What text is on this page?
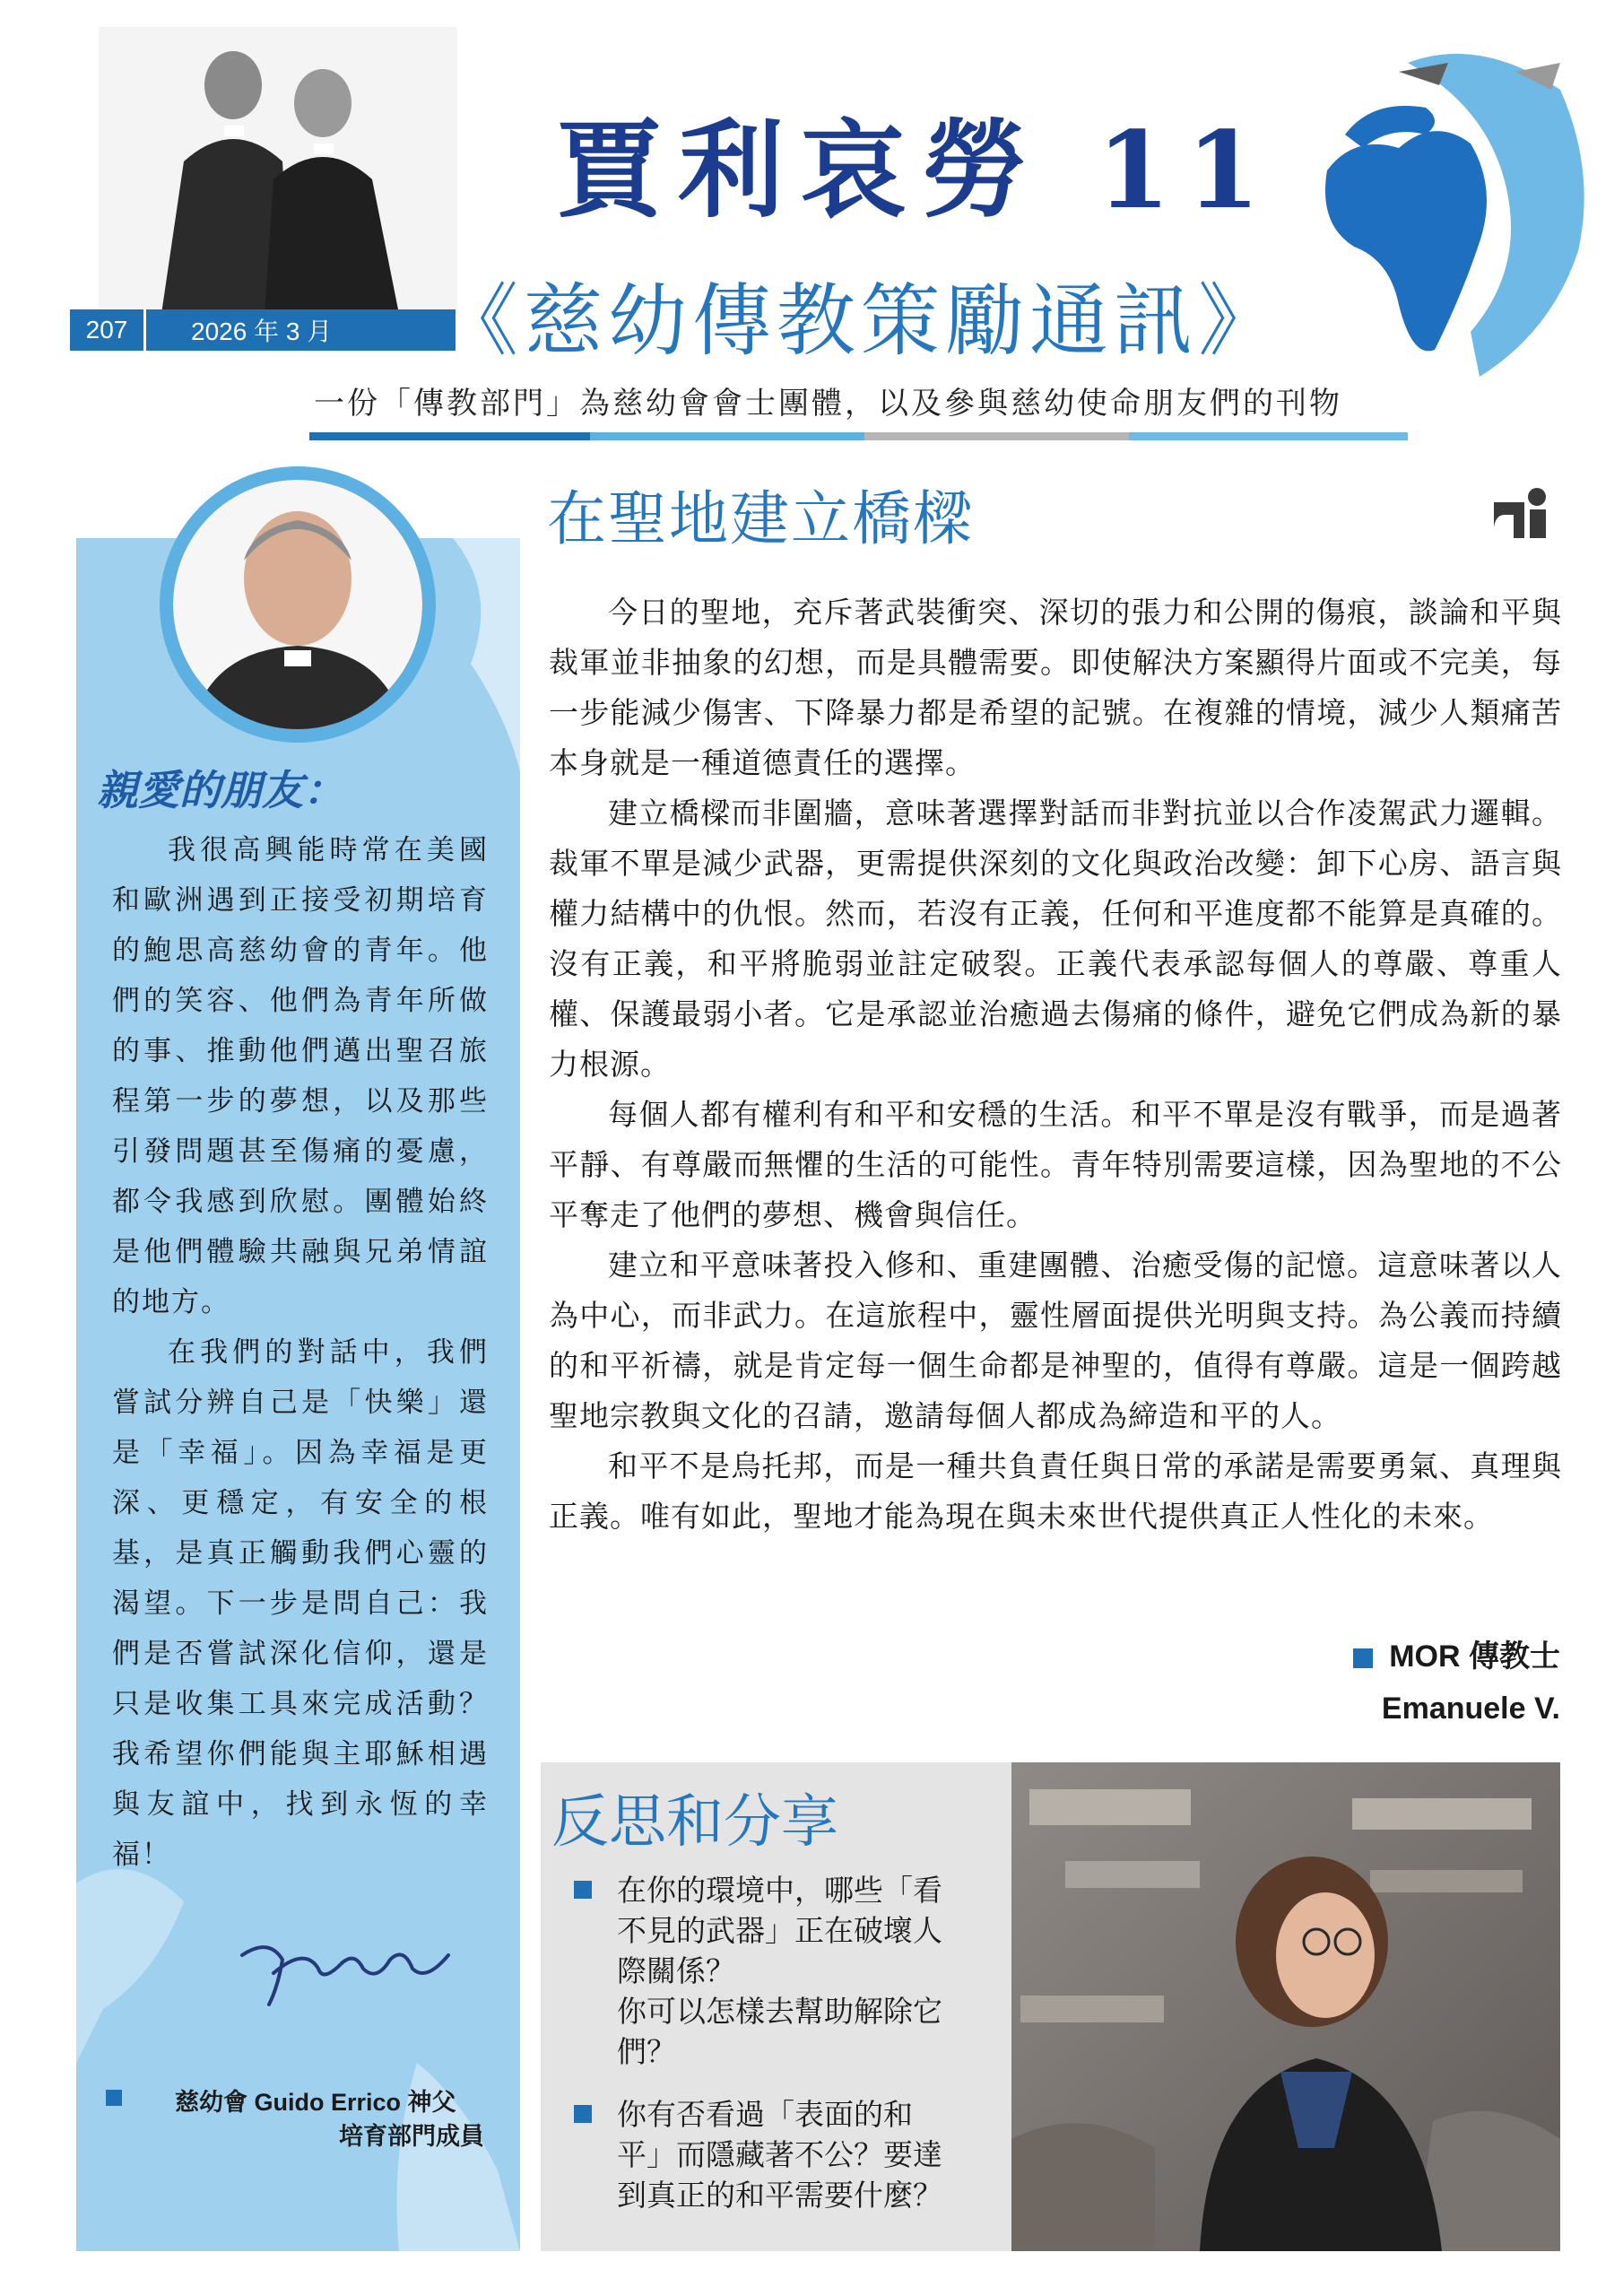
207	2026 年 3 月
賈利哀勞 11
《慈幼傳教策勵通訊》
一份「傳教部門」為慈幼會會士團體，以及參與慈幼使命朋友們的刊物
親愛的朋友：

我很高興能時常在美國和歐洲遇到正接受初期培育的鮑思高慈幼會的青年。他們的笑容、他們為青年所做的事、推動他們邁出聖召旅程第一步的夢想，以及那些引發問題甚至傷痛的憂慮，都令我感到欣慰。團體始終是他們體驗共融與兄弟情誼的地方。

在我們的對話中，我們嘗試分辨自己是「快樂」還是「幸福」。因為幸福是更深、更穩定，有安全的根基，是真正觸動我們心靈的渴望。下一步是問自己：我們是否嘗試深化信仰，還是只是收集工具來完成活動？我希望你們能與主耶穌相遇與友誼中，找到永恆的幸福！

慈幼會 Guido Errico 神父
培育部門成員
在聖地建立橋樑

今日的聖地，充斥著武裝衝突、深切的張力和公開的傷痕，談論和平與裁軍並非抽象的幻想，而是具體需要。即使解決方案顯得片面或不完美，每一步能減少傷害、下降暴力都是希望的記號。在複雜的情境，減少人類痛苦本身就是一種道德責任的選擇。

建立橋樑而非圍牆，意味著選擇對話而非對抗並以合作凌駕武力邏輯。裁軍不單是減少武器，更需提供深刻的文化與政治改變：卸下心房、語言與權力結構中的仇恨。然而，若沒有正義，任何和平進度都不能算是真確的。沒有正義，和平將脆弱並註定破裂。正義代表承認每個人的尊嚴、尊重人權、保護最弱小者。它是承認並治癒過去傷痛的條件，避免它們成為新的暴力根源。

每個人都有權利有和平和安穩的生活。和平不單是沒有戰爭，而是過著平靜、有尊嚴而無懼的生活的可能性。青年特別需要這樣，因為聖地的不公平奪走了他們的夢想、機會與信任。

建立和平意味著投入修和、重建團體、治癒受傷的記憶。這意味著以人為中心，而非武力。在這旅程中，靈性層面提供光明與支持。為公義而持續的和平祈禱，就是肯定每一個生命都是神聖的，值得有尊嚴。這是一個跨越聖地宗教與文化的召請，邀請每個人都成為締造和平的人。

和平不是烏托邦，而是一種共負責任與日常的承諾是需要勇氣、真理與正義。唯有如此，聖地才能為現在與未來世代提供真正人性化的未來。

MOR 傳教士
Emanuele V.
反思和分享
在你的環境中，哪些「看
不見的武器」正在破壞人
際關係？
你可以怎樣去幫助解除它
們？
你有否看過「表面的和
平」而隱藏著不公？要達
到真正的和平需要什麼？
